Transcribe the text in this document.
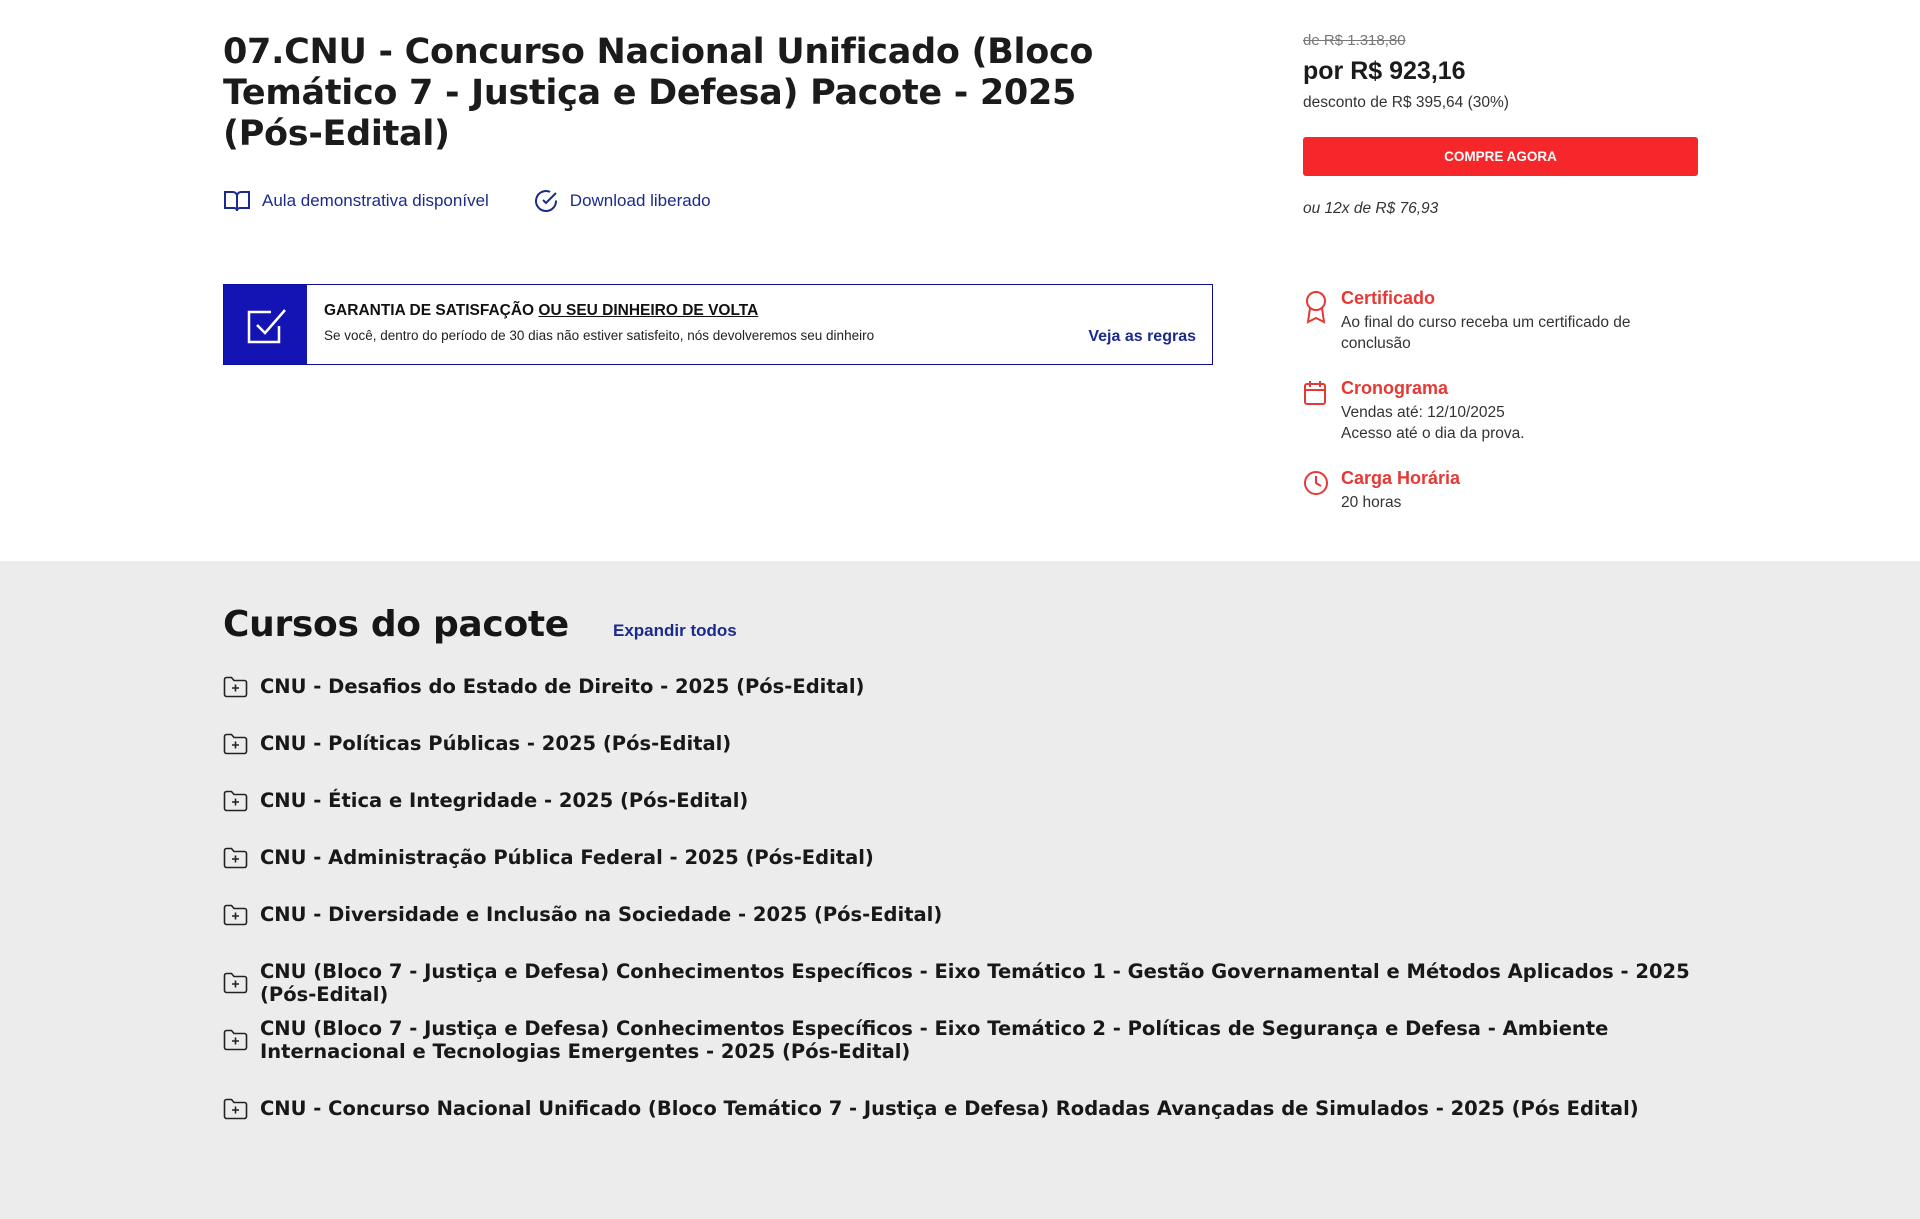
07.CNU - Concurso Nacional Unificado (Bloco Temático 7 - Justiça e Defesa) Pacote - 2025 (Pós-Edital)
Aula demonstrativa disponível	Download liberado
GARANTIA DE SATISFAÇÃO OU SEU DINHEIRO DE VOLTA
Se você, dentro do período de 30 dias não estiver satisfeito, nós devolveremos seu dinheiro	Veja as regras
de R$ 1.318,80
por R$ 923,16
desconto de R$ 395,64 (30%)
COMPRE AGORA
ou 12x de R$ 76,93
Certificado
Ao final do curso receba um certificado de conclusão
Cronograma
Vendas até: 12/10/2025
Acesso até o dia da prova.
Carga Horária
20 horas
Cursos do pacote	Expandir todos
CNU - Desafios do Estado de Direito - 2025 (Pós-Edital)
CNU - Políticas Públicas - 2025 (Pós-Edital)
CNU - Ética e Integridade - 2025 (Pós-Edital)
CNU - Administração Pública Federal - 2025 (Pós-Edital)
CNU - Diversidade e Inclusão na Sociedade - 2025 (Pós-Edital)
CNU (Bloco 7 - Justiça e Defesa) Conhecimentos Específicos - Eixo Temático 1 - Gestão Governamental e Métodos Aplicados - 2025 (Pós-Edital)
CNU (Bloco 7 - Justiça e Defesa) Conhecimentos Específicos - Eixo Temático 2 - Políticas de Segurança e Defesa - Ambiente Internacional e Tecnologias Emergentes - 2025 (Pós-Edital)
CNU - Concurso Nacional Unificado (Bloco Temático 7 - Justiça e Defesa) Rodadas Avançadas de Simulados - 2025 (Pós Edital)
